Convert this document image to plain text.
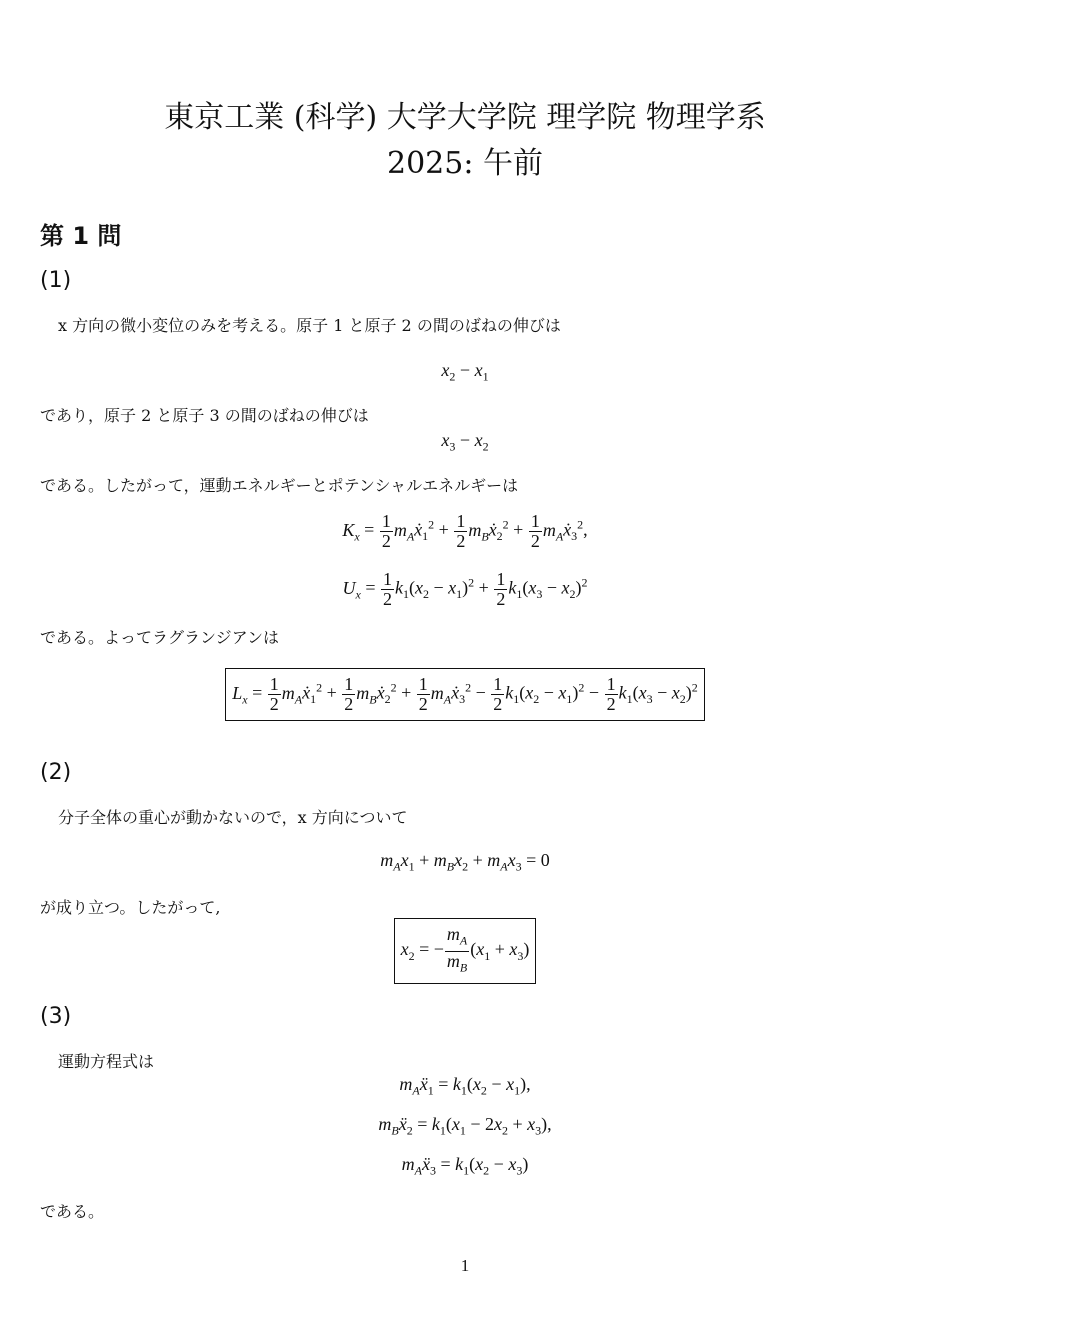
東京工業 (科学) 大学大学院 理学院 物理学系
2025: 午前
第 1 問
(1)
x 方向の微小変位のみを考える。原子 1 と原子 2 の間のばねの伸びは
$x_2 - x_1$
であり，原子 2 と原子 3 の間のばねの伸びは
$x_3 - x_2$
である。したがって，運動エネルギーとポテンシャルエネルギーは
$K_x = \frac{1}{2}$ $m_Aẋ_1^2 + \frac{1}{2}$ $m_Bẋ_2^2 + \frac{1}{2}$ $m_Aẋ_3^2$,
$U_x = \frac{1}{2} k_1(x_2 - x_1)^2 + \frac{1}{2} k_1(x_3 - x_2)^2$
である。よってラグランジアンは
$L_x = \frac{1}{2}$ $m_Aẋ_1^2 + \frac{1}{2}$ $m_Bẋ_2^2 + \frac{1}{2}$ $m_Aẋ_3^2 - \frac{1}{2} k_1(x_2 - x_1)^2 - \frac{1}{2} k_1(x_3 - x_2)^2$
(2)
分子全体の重心が動かないので，x 方向について
$m_Ax_1 + m_Bx_2 + m_Ax_3 = 0$
が成り立つ。したがって,
$x_2$ = − $\frac{m_A}{m_B} (x_1 + x_3)$
(3)
運動方程式は
$m_Aẍ_1 = k_1(x_2 - x_1)$,
$m_Bẍ_2 = k_1(x_1 - 2x_2 + x_3)$,
$m_Aẍ_3 = k_1(x_2 - x_3)$
である。
1
